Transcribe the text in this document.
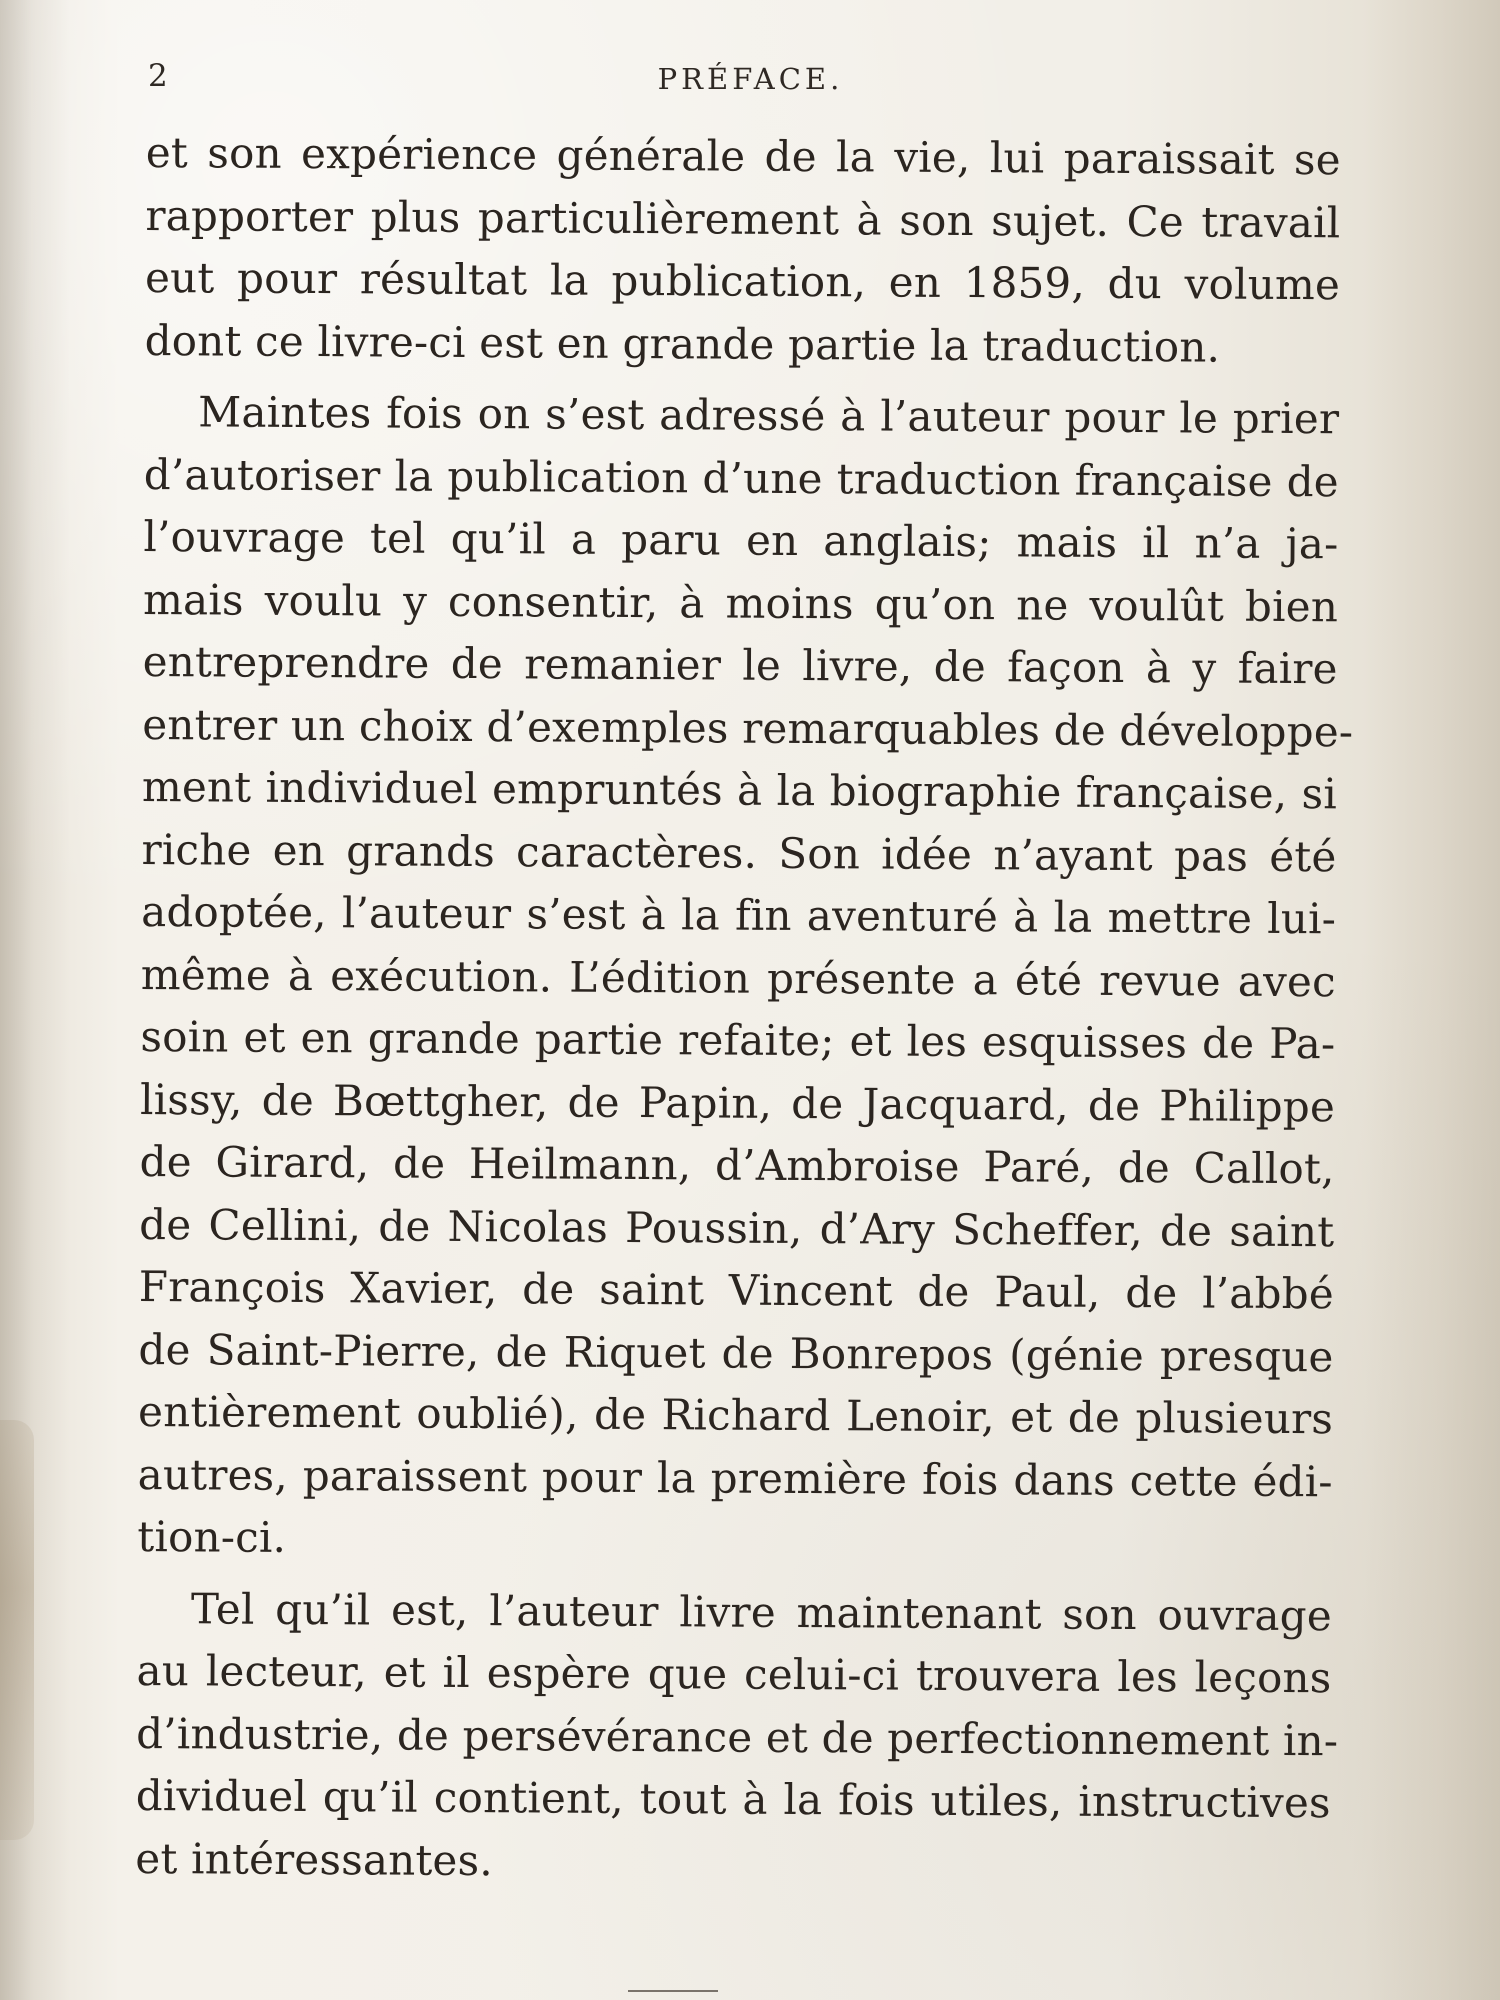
2	PRÉFACE.
et son expérience générale de la vie, lui paraissait se
rapporter plus particulièrement à son sujet. Ce travail
eut pour résultat la publication, en 1859, du volume
dont ce livre-ci est en grande partie la traduction.
Maintes fois on s’est adressé à l’auteur pour le prier
d’autoriser la publication d’une traduction française de
l’ouvrage tel qu’il a paru en anglais; mais il n’a ja-
mais voulu y consentir, à moins qu’on ne voulût bien
entreprendre de remanier le livre, de façon à y faire
entrer un choix d’exemples remarquables de développe-
ment individuel empruntés à la biographie française, si
riche en grands caractères. Son idée n’ayant pas été
adoptée, l’auteur s’est à la fin aventuré à la mettre lui-
même à exécution. L’édition présente a été revue avec
soin et en grande partie refaite; et les esquisses de Pa-
lissy, de Bœttgher, de Papin, de Jacquard, de Philippe
de Girard, de Heilmann, d’Ambroise Paré, de Callot,
de Cellini, de Nicolas Poussin, d’Ary Scheffer, de saint
François Xavier, de saint Vincent de Paul, de l’abbé
de Saint-Pierre, de Riquet de Bonrepos (génie presque
entièrement oublié), de Richard Lenoir, et de plusieurs
autres, paraissent pour la première fois dans cette édi-
tion-ci.
Tel qu’il est, l’auteur livre maintenant son ouvrage
au lecteur, et il espère que celui-ci trouvera les leçons
d’industrie, de persévérance et de perfectionnement in-
dividuel qu’il contient, tout à la fois utiles, instructives
et intéressantes.
